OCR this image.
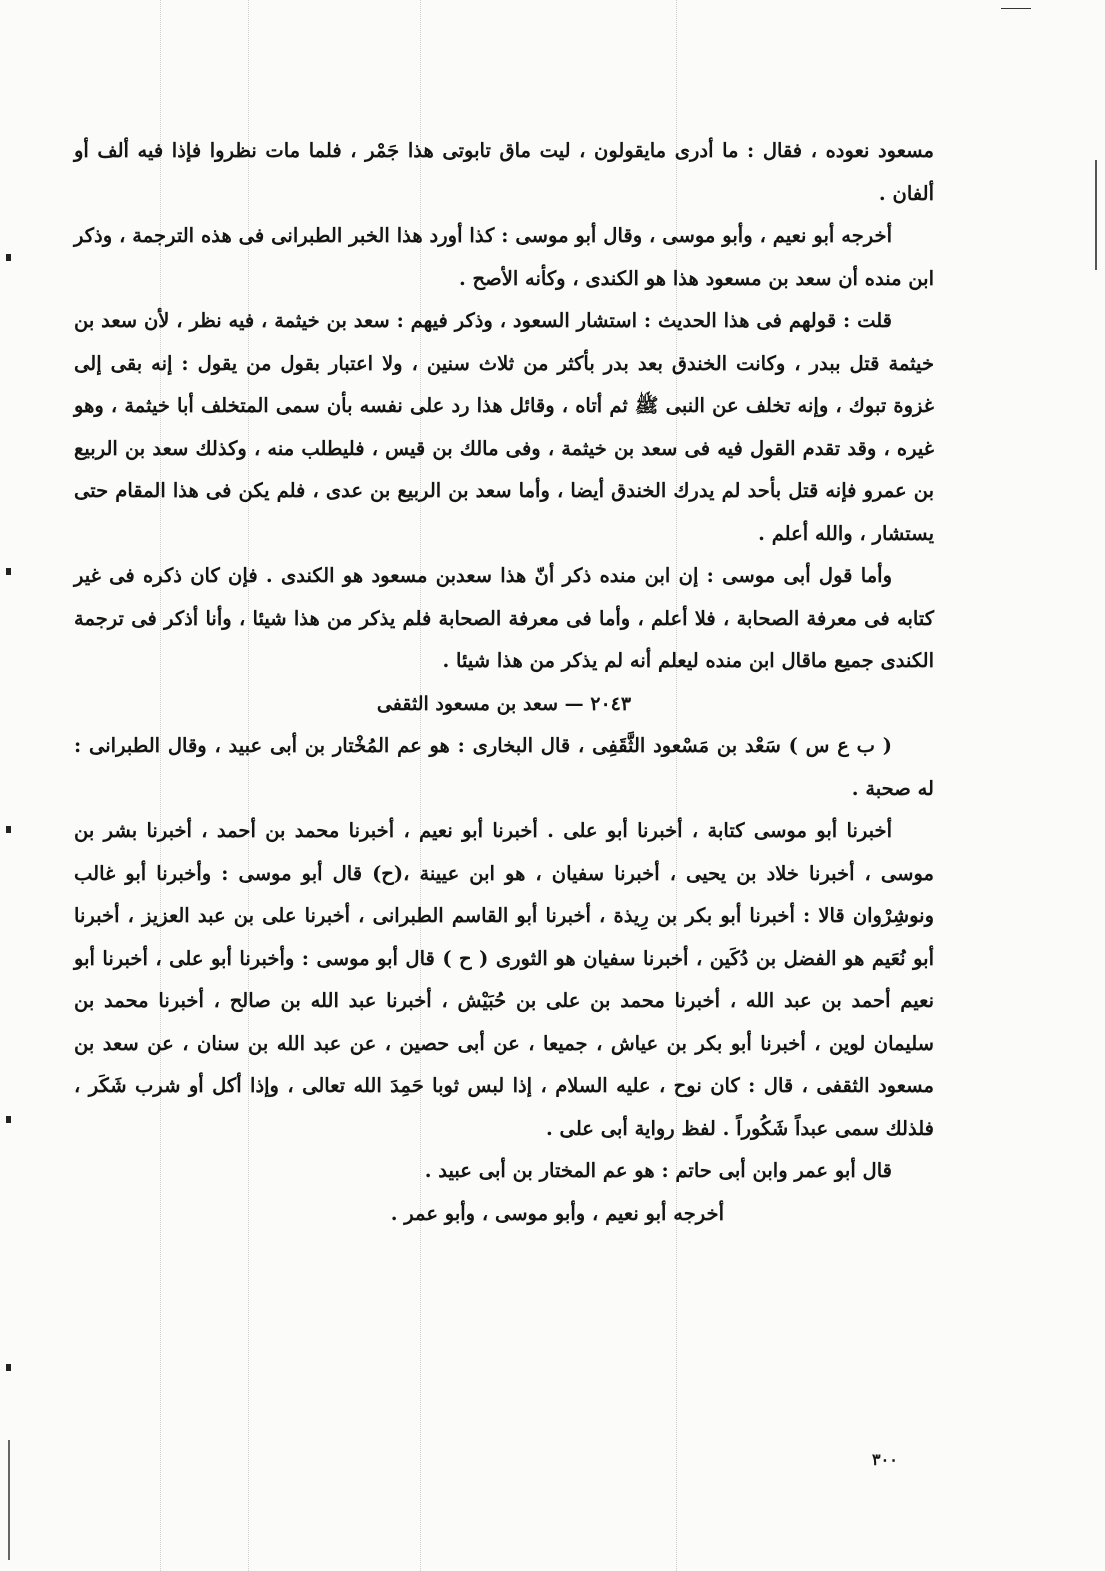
مسعود نعوده ، فقال : ما أدرى مايقولون ، ليت ماق تابوتى هذا جَمْر ، فلما مات نظروا فإذا فيه ألف أو ألفان .

أخرجه أبو نعيم ، وأبو موسى ، وقال أبو موسى : كذا أورد هذا الخبر الطبرانى فى هذه الترجمة ، وذكر ابن منده أن سعد بن مسعود هذا هو الكندى ، وكأنه الأصح .

قلت : قولهم فى هذا الحديث : استشار السعود ، وذكر فيهم : سعد بن خيثمة ، فيه نظر ، لأن سعد بن خيثمة قتل ببدر ، وكانت الخندق بعد بدر بأكثر من ثلاث سنين ، ولا اعتبار بقول من يقول : إنه بقى إلى غزوة تبوك ، وإنه تخلف عن النبى ﷺ ثم أتاه ، وقائل هذا رد على نفسه بأن سمى المتخلف أبا خيثمة ، وهو غيره ، وقد تقدم القول فيه فى سعد بن خيثمة ، وفى مالك بن قيس ، فليطلب منه ، وكذلك سعد بن الربيع بن عمرو فإنه قتل بأحد لم يدرك الخندق أيضا ، وأما سعد بن الربيع بن عدى ، فلم يكن فى هذا المقام حتى يستشار ، والله أعلم .

وأما قول أبى موسى : إن ابن منده ذكر أنّ هذا سعدبن مسعود هو الكندى . فإن كان ذكره فى غير كتابه فى معرفة الصحابة ، فلا أعلم ، وأما فى معرفة الصحابة فلم يذكر من هذا شيئا ، وأنا أذكر فى ترجمة الكندى جميع ماقال ابن منده ليعلم أنه لم يذكر من هذا شيئا .

٢٠٤٣ — سعد بن مسعود الثقفى

( ب ع س ) سَعْد بن مَسْعود الثَّقَفِى ، قال البخارى : هو عم المُخْتار بن أبى عبيد ، وقال الطبرانى : له صحبة .

أخبرنا أبو موسى كتابة ، أخبرنا أبو على . أخبرنا أبو نعيم ، أخبرنا محمد بن أحمد ، أخبرنا بشر بن موسى ، أخبرنا خلاد بن يحيى ، أخبرنا سفيان ، هو ابن عيينة ،(ح) قال أبو موسى : وأخبرنا أبو غالب ونوشِرْوان قالا : أخبرنا أبو بكر بن رِيذة ، أخبرنا أبو القاسم الطبرانى ، أخبرنا على بن عبد العزيز ، أخبرنا أبو نُعَيم هو الفضل بن دُكَين ، أخبرنا سفيان هو الثورى ( ح ) قال أبو موسى : وأخبرنا أبو على ، أخبرنا أبو نعيم أحمد بن عبد الله ، أخبرنا محمد بن على بن حُبَيْش ، أخبرنا عبد الله بن صالح ، أخبرنا محمد بن سليمان لوين ، أخبرنا أبو بكر بن عياش ، جميعا ، عن أبى حصين ، عن عبد الله بن سنان ، عن سعد بن مسعود الثقفى ، قال : كان نوح ، عليه السلام ، إذا لبس ثوبا حَمِدَ الله تعالى ، وإذا أكل أو شرب شَكَر ، فلذلك سمى عبداً شَكُوراً . لفظ رواية أبى على .

قال أبو عمر وابن أبى حاتم : هو عم المختار بن أبى عبيد .

أخرجه أبو نعيم ، وأبو موسى ، وأبو عمر .

٣٠٠
